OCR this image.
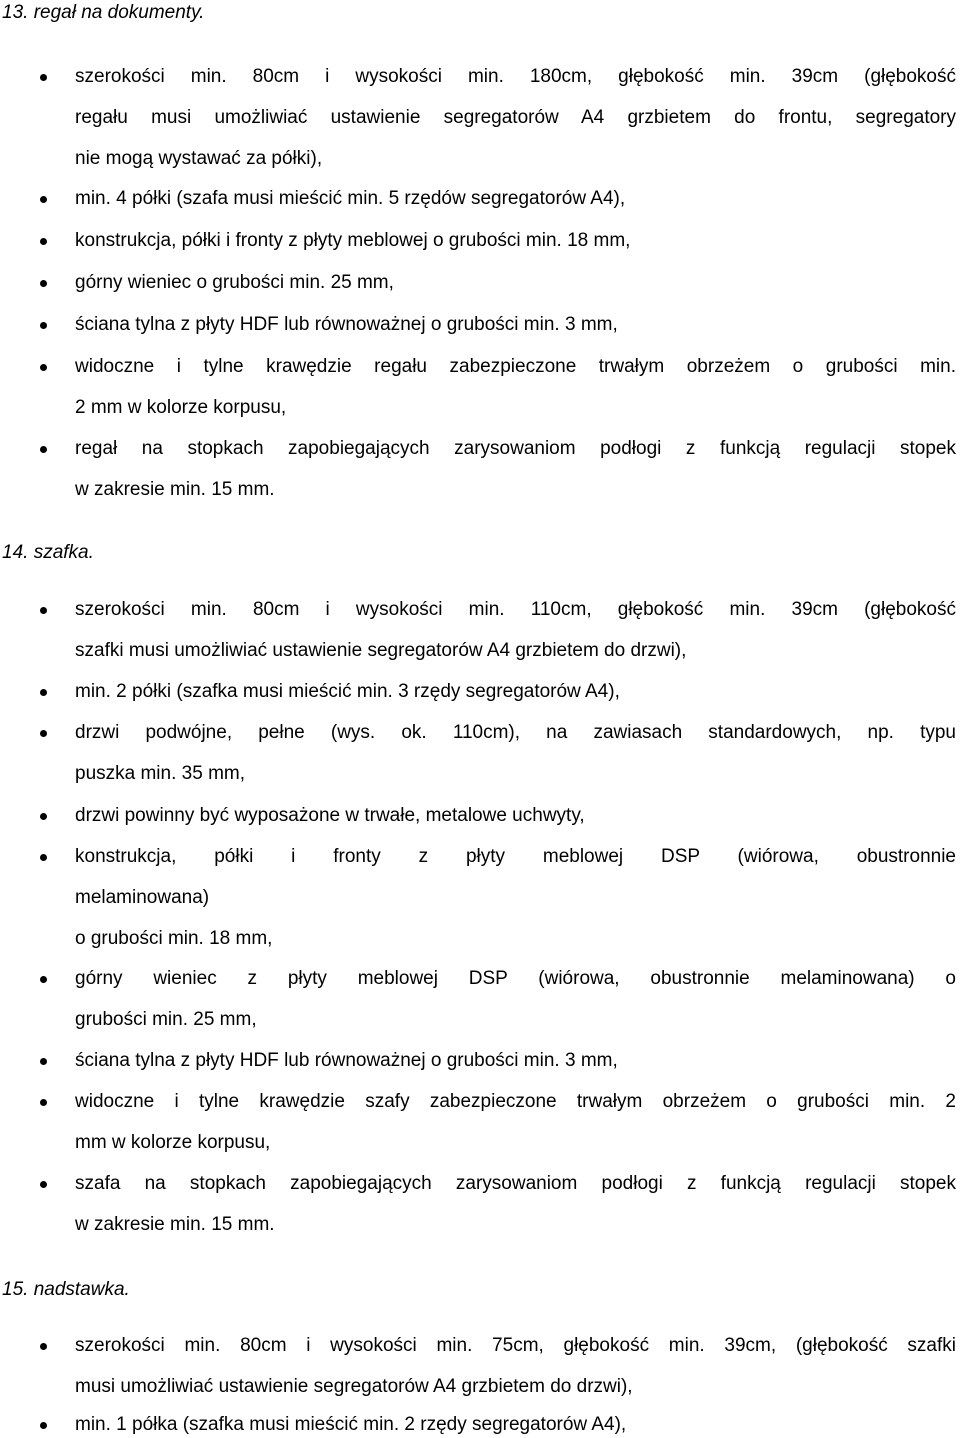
13. regał na dokumenty.
szerokości min. 80cm i wysokości min. 180cm, głębokość min. 39cm (głębokość
regału musi umożliwiać ustawienie segregatorów A4 grzbietem do frontu, segregatory
nie mogą wystawać za półki),
min. 4 półki (szafa musi mieścić min. 5 rzędów segregatorów A4),
konstrukcja, półki i fronty z płyty meblowej o grubości min. 18 mm,
górny wieniec o grubości min. 25 mm,
ściana tylna z płyty HDF lub równoważnej o grubości min. 3 mm,
widoczne i tylne krawędzie regału zabezpieczone trwałym obrzeżem o grubości min.
2 mm w kolorze korpusu,
regał na stopkach zapobiegających zarysowaniom podłogi z funkcją regulacji stopek
w zakresie min. 15 mm.
14. szafka.
szerokości min. 80cm i wysokości min. 110cm, głębokość min. 39cm (głębokość
szafki musi umożliwiać ustawienie segregatorów A4 grzbietem do drzwi),
min. 2 półki (szafka musi mieścić min. 3 rzędy segregatorów A4),
drzwi podwójne, pełne (wys. ok. 110cm), na zawiasach standardowych, np. typu
puszka min. 35 mm,
drzwi powinny być wyposażone w trwałe, metalowe uchwyty,
konstrukcja, półki i fronty z płyty meblowej DSP (wiórowa, obustronnie
melaminowana)
o grubości min. 18 mm,
górny wieniec z płyty meblowej DSP (wiórowa, obustronnie melaminowana) o
grubości min. 25 mm,
ściana tylna z płyty HDF lub równoważnej o grubości min. 3 mm,
widoczne i tylne krawędzie szafy zabezpieczone trwałym obrzeżem o grubości min. 2
mm w kolorze korpusu,
szafa na stopkach zapobiegających zarysowaniom podłogi z funkcją regulacji stopek
w zakresie min. 15 mm.
15. nadstawka.
szerokości min. 80cm i wysokości min. 75cm, głębokość min. 39cm, (głębokość szafki
musi umożliwiać ustawienie segregatorów A4 grzbietem do drzwi),
min. 1 półka (szafka musi mieścić min. 2 rzędy segregatorów A4),
